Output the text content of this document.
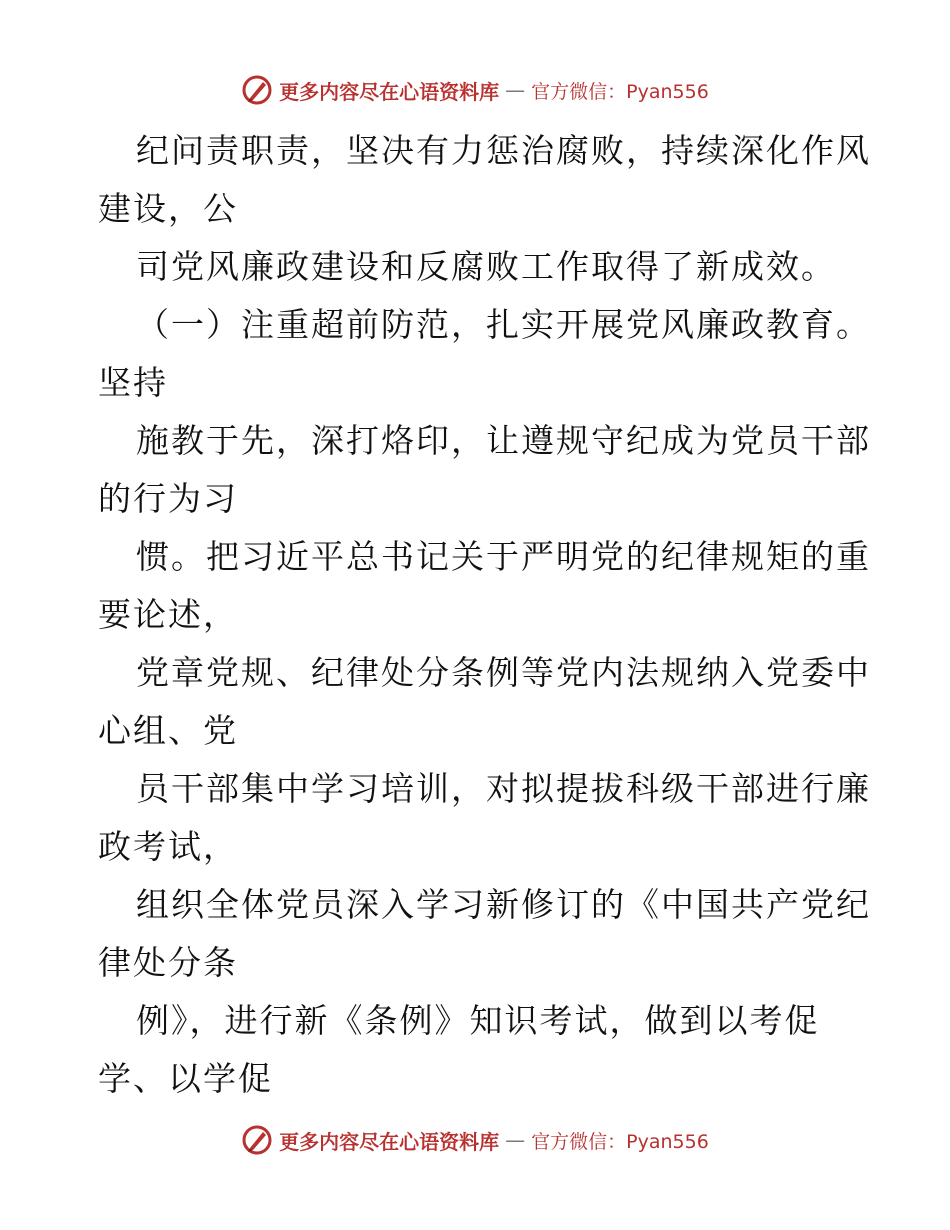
更多内容尽在心语资料库 — 官方微信：Pyan556
纪问责职责，坚决有力惩治腐败，持续深化作风
建设，公
司党风廉政建设和反腐败工作取得了新成效。
（一）注重超前防范，扎实开展党风廉政教育。
坚持
施教于先，深打烙印，让遵规守纪成为党员干部
的行为习
惯。把习近平总书记关于严明党的纪律规矩的重
要论述，
党章党规、纪律处分条例等党内法规纳入党委中
心组、党
员干部集中学习培训，对拟提拔科级干部进行廉
政考试，
组织全体党员深入学习新修订的《中国共产党纪
律处分条
例》，进行新《条例》知识考试，做到以考促
学、以学促
更多内容尽在心语资料库 — 官方微信：Pyan556
